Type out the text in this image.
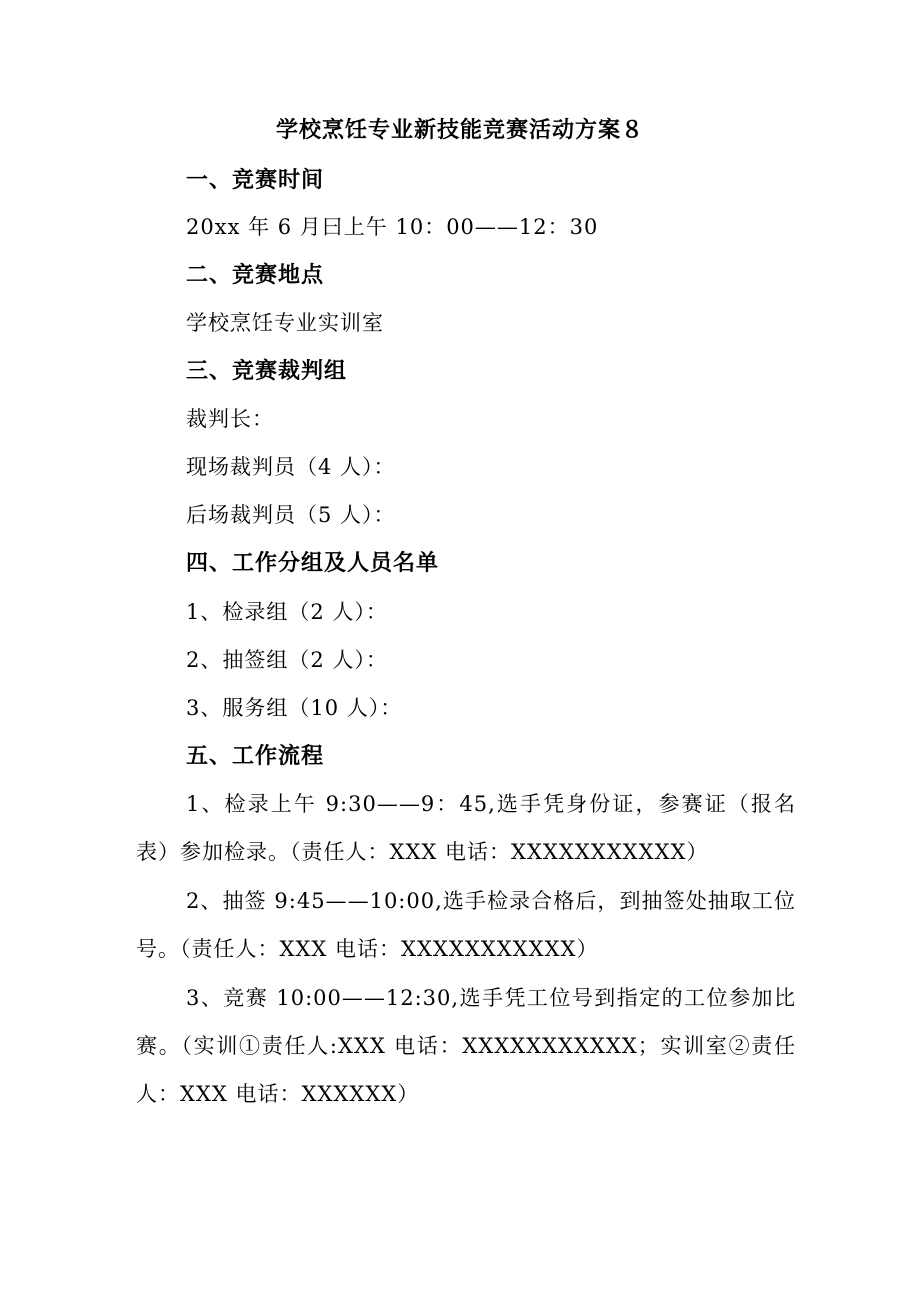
学校烹饪专业新技能竞赛活动方案８
一、竞赛时间
20xx 年 6 月曰上午 10：00——12：30
二、竞赛地点
学校烹饪专业实训室
三、竞赛裁判组
裁判长：
现场裁判员（4 人）：
后场裁判员（5 人）：
四、工作分组及人员名单
1、检录组（2 人）：
2、抽签组（2 人）：
3、服务组（10 人）：
五、工作流程
1、检录上午 9:30——9：45,选手凭身份证，参赛证（报名表）参加检录。（责任人：XXX 电话：XXXXXXXXXXX）
2、抽签 9:45——10:00,选手检录合格后，到抽签处抽取工位号。（责任人：XXX 电话：XXXXXXXXXXX）
3、竞赛 10:00——12:30,选手凭工位号到指定的工位参加比赛。（实训①责任人:XXX 电话：XXXXXXXXXXX；实训室②责任人：XXX 电话：XXXXXX）
